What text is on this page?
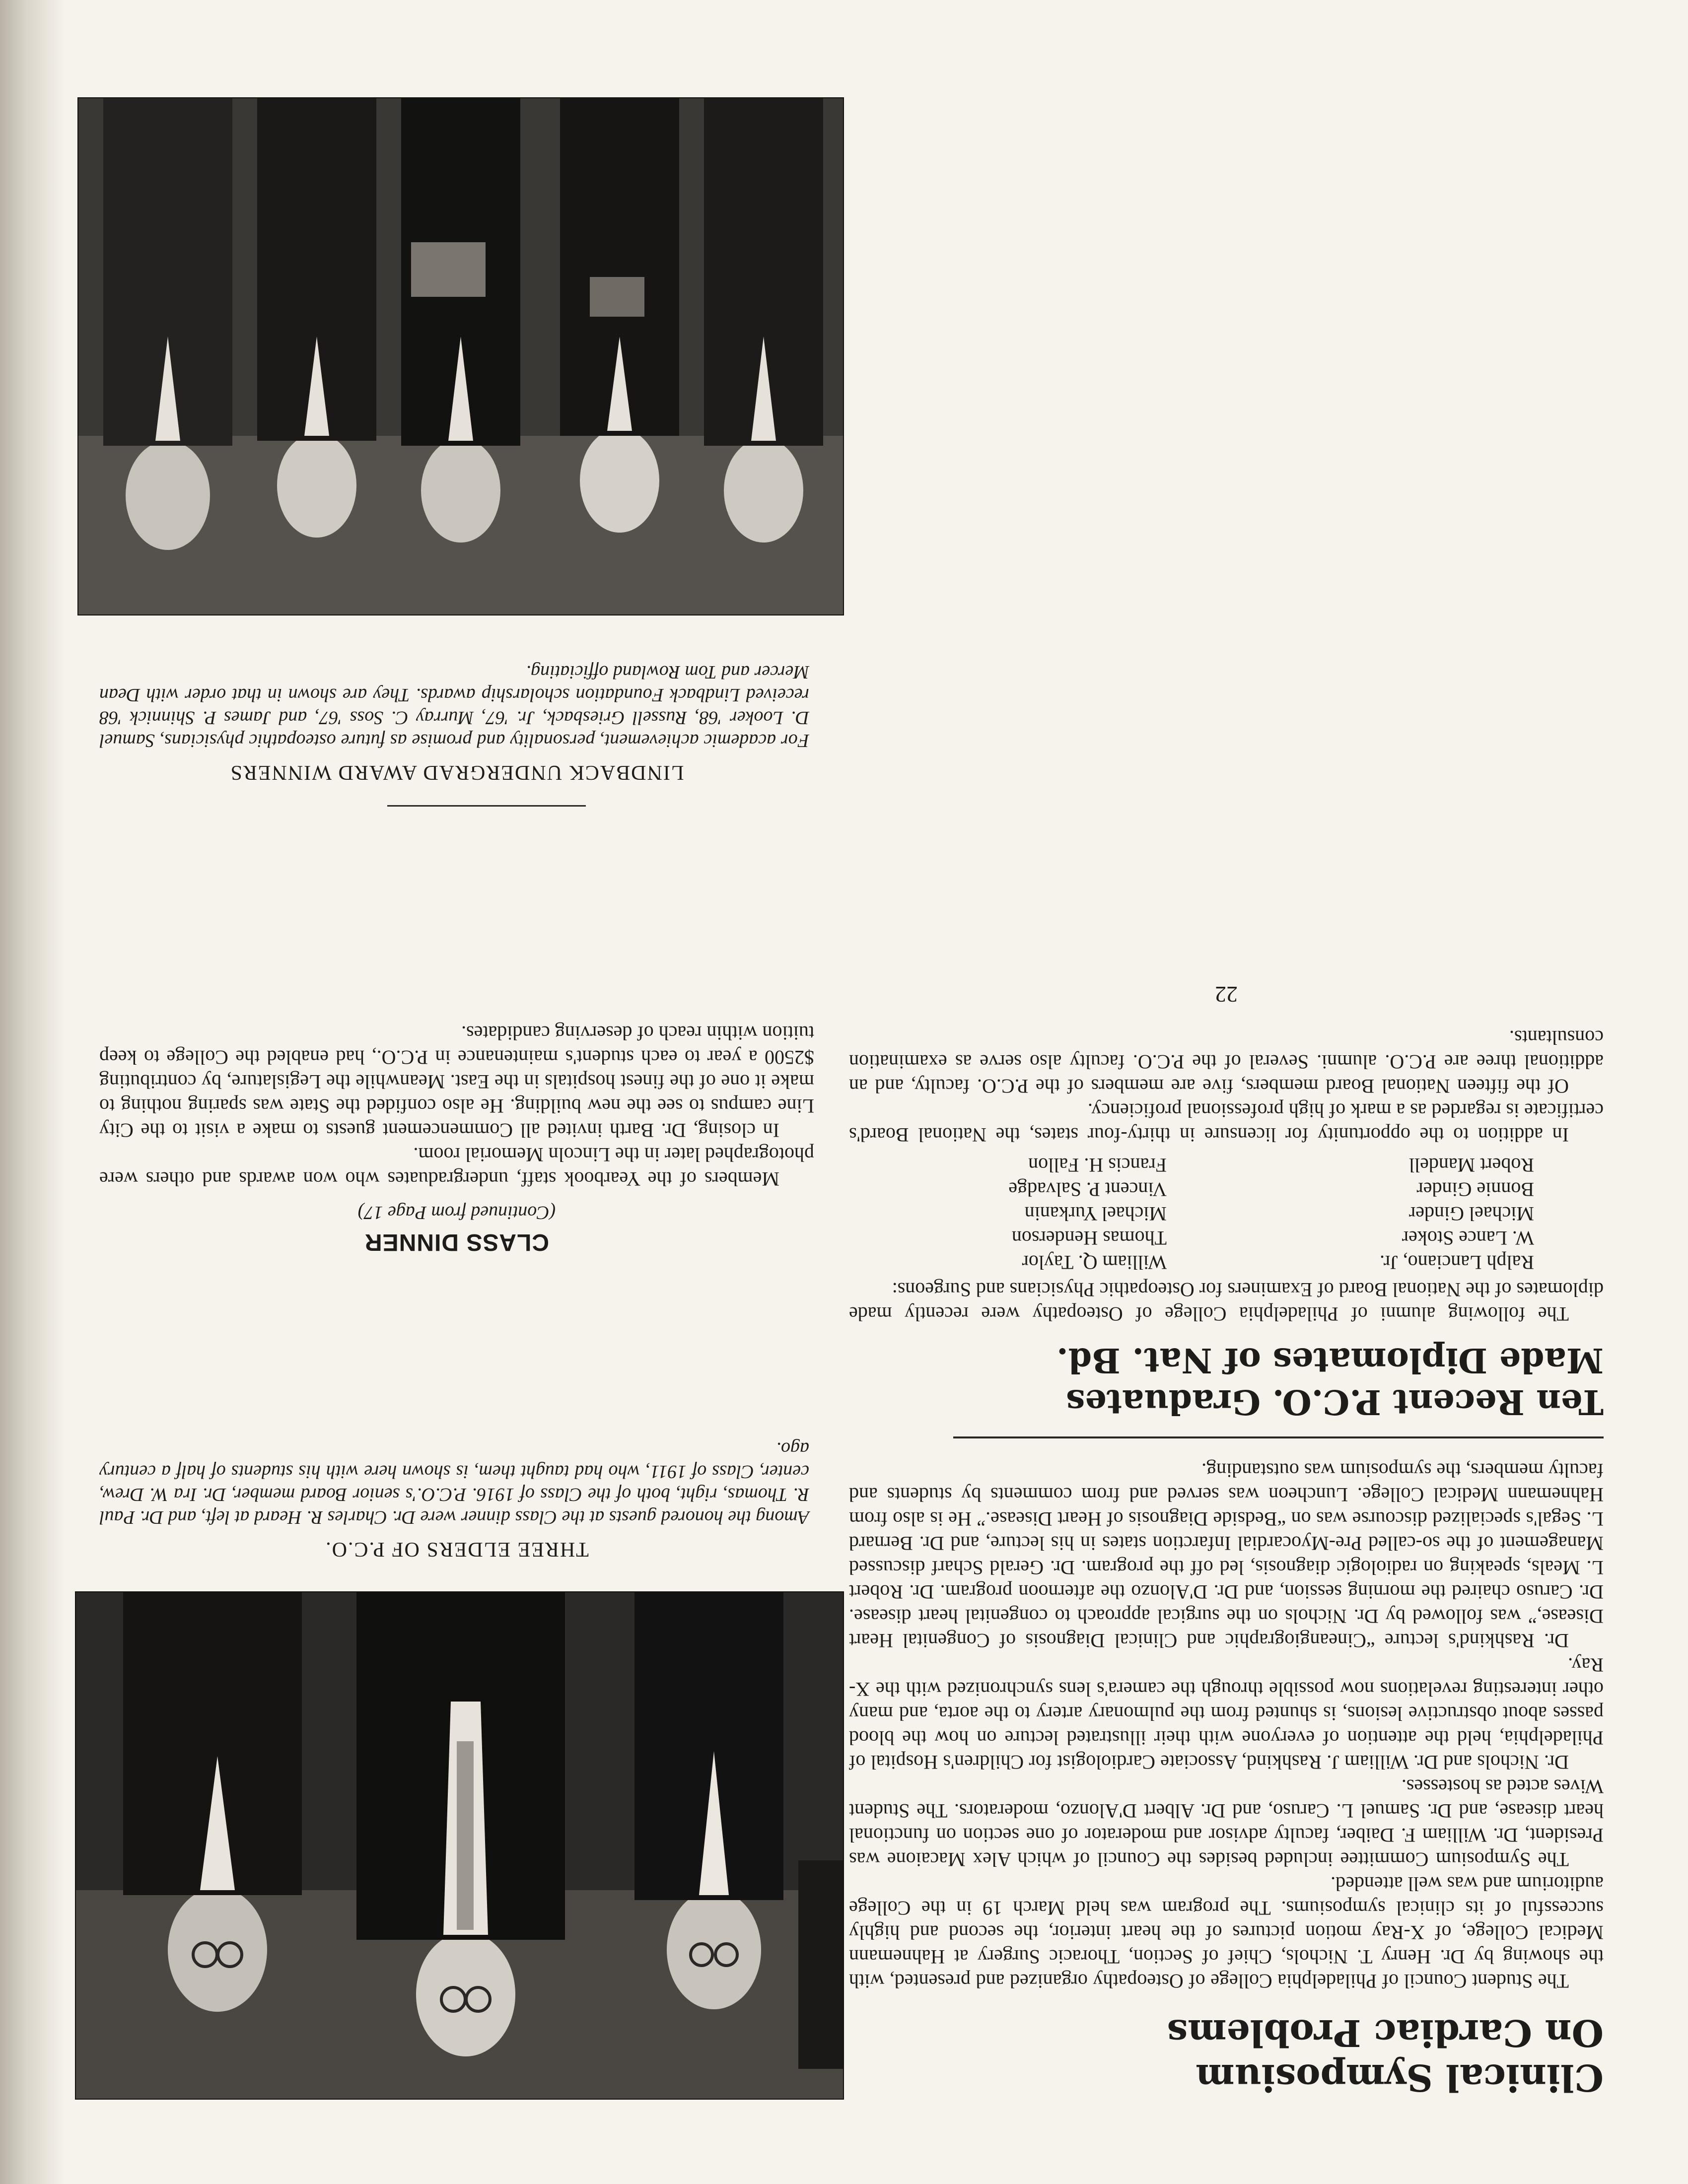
Clinical Symposium
On Cardiac Problems

The Student Council of Philadelphia College of Osteopathy organized and presented, with the showing by Dr. Henry T. Nichols, Chief of Section, Thoracic Surgery at Hahnemann Medical College, of X-Ray motion pictures of the heart interior, the second and highly successful of its clinical symposiums. The program was held March 19 in the College auditorium and was well attended.

The Symposium Committee included besides the Council of which Alex Macaione was President, Dr. William F. Daiber, faculty advisor and moderator of one section on functional heart disease, and Dr. Samuel L. Caruso, and Dr. Albert D'Alonzo, moderators. The Student Wives acted as hostesses.

Dr. Nichols and Dr. William J. Rashkind, Associate Cardiologist for Children's Hospital of Philadelphia, held the attention of everyone with their illustrated lecture on how the blood passes about obstructive lesions, is shunted from the pulmonary artery to the aorta, and many other interesting revelations now possible through the camera's lens synchronized with the X-Ray.

Dr. Rashkind's lecture “Cineangiographic and Clinical Diagnosis of Congenital Heart Disease,” was followed by Dr. Nichols on the surgical approach to congenital heart disease. Dr. Caruso chaired the morning session, and Dr. D'Alonzo the afternoon program. Dr. Robert L. Meals, speaking on radiologic diagnosis, led off the program. Dr. Gerald Scharf discussed Management of the so-called Pre-Myocardial Infarction states in his lecture, and Dr. Bernard L. Segal's specialized discourse was on “Bedside Diagnosis of Heart Disease.” He is also from Hahnemann Medical College. Luncheon was served and from comments by students and faculty members, the symposium was outstanding.

Ten Recent P.C.O. Graduates
Made Diplomates of Nat. Bd.

The following alumni of Philadelphia College of Osteopathy were recently made diplomates of the National Board of Examiners for Osteopathic Physicians and Surgeons:

Ralph Lanciano, Jr.
W. Lance Stoker
Michael Ginder
Bonnie Ginder
Robert Mandell
William Q. Taylor
Thomas Henderson
Michael Yurkanin
Vincent P. Salvadge
Francis H. Fallon

In addition to the opportunity for licensure in thirty-four states, the National Board's certificate is regarded as a mark of high professional proficiency.

Of the fifteen National Board members, five are members of the P.C.O. faculty, and an additional three are P.C.O. alumni. Several of the P.C.O. faculty also serve as examination consultants.

22
THREE ELDERS OF P.C.O.

Among the honored guests at the Class dinner were Dr. Charles R. Heard at left, and Dr. Paul R. Thomas, right, both of the Class of 1916. P.C.O.'s senior Board member, Dr. Ira W. Drew, center, Class of 1911, who had taught them, is shown here with his students of half a century ago.

CLASS DINNER
(Continued from Page 17)

Members of the Yearbook staff, undergraduates who won awards and others were photographed later in the Lincoln Memorial room.

In closing, Dr. Barth invited all Commencement guests to make a visit to the City Line campus to see the new building. He also confided the State was sparing nothing to make it one of the finest hospitals in the East. Meanwhile the Legislature, by contributing $2500 a year to each student's maintenance in P.C.O., had enabled the College to keep tuition within reach of deserving candidates.

LINDBACK UNDERGRAD AWARD WINNERS

For academic achievement, personality and promise as future osteopathic physicians, Samuel D. Looker '68, Russell Griesback, Jr. '67, Murray C. Soss '67, and James P. Shinnick '68 received Lindback Foundation scholarship awards. They are shown in that order with Dean Mercer and Tom Rowland officiating.
